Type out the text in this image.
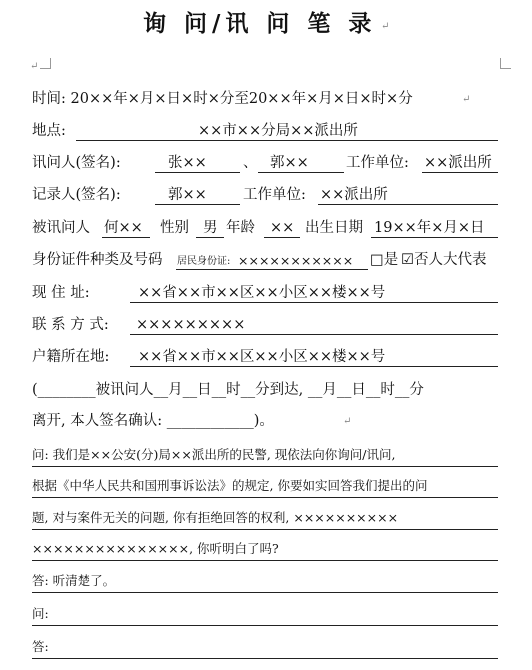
询 问/讯 问 笔 录 ↵
↵
时间: 20××年×月×日×时×分至20××年×月×日×时×分	↵
地点:	××市××分局××派出所
讯问人(签名):	张×× 、 郭××	工作单位: ××派出所
记录人(签名):	郭×× 工作单位: ××派出所
被讯问人 何×× 性别 男 年龄 ×× 出生日期 19××年×月×日
身份证件种类及号码 居民身份证: ××××××××××× □是 ☑ 否人大代表
现 住 址:	××省××市××区××小区××楼××号
联 系 方 式: ×××××××××
户籍所在地: ××省××市××区××小区××楼××号
(________被讯问人__月__日__时__分到达, __月__日__时__分
离开, 本人签名确认: ____________)。	↵
问: 我们是××公安(分)局××派出所的民警, 现依法向你询问/讯问,
根据《中华人民共和国刑事诉讼法》的规定, 你要如实回答我们提出的问
题, 对与案件无关的问题, 你有拒绝回答的权利, ××××××××××
×××××××××××××××, 你听明白了吗?
答: 听清楚了。
问:
答:
